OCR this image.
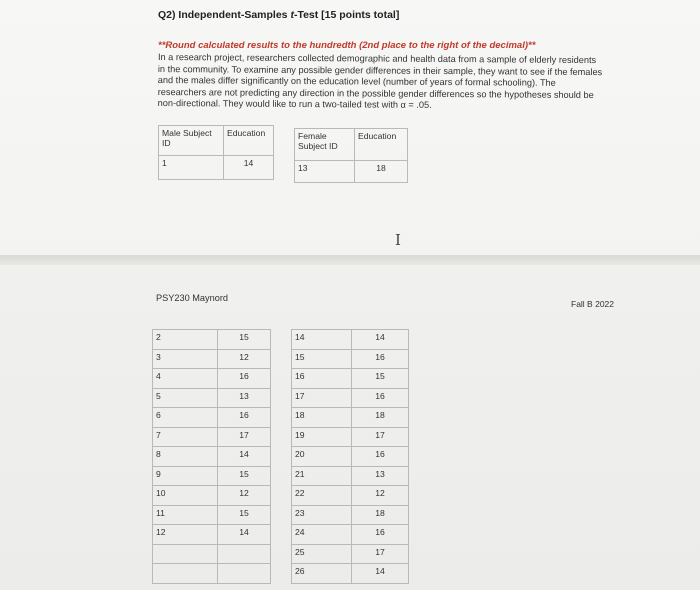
Q2) Independent-Samples t-Test [15 points total]
**Round calculated results to the hundredth (2nd place to the right of the decimal)**
In a research project, researchers collected demographic and health data from a sample of elderly residents in the community. To examine any possible gender differences in their sample, they want to see if the females and the males differ significantly on the education level (number of years of formal schooling). The researchers are not predicting any direction in the possible gender differences so the hypotheses should be non-directional. They would like to run a two-tailed test with α = .05.
Male Subject ID	Education
1	14
Female Subject ID	Education
13	18
I
PSY230 Maynord
Fall B 2022
2	15
3	12
4	16
5	13
6	16
7	17
8	14
9	15
10	12
11	15
12	14

14	14
15	16
16	15
17	16
18	18
19	17
20	16
21	13
22	12
23	18
24	16
25	17
26	14
